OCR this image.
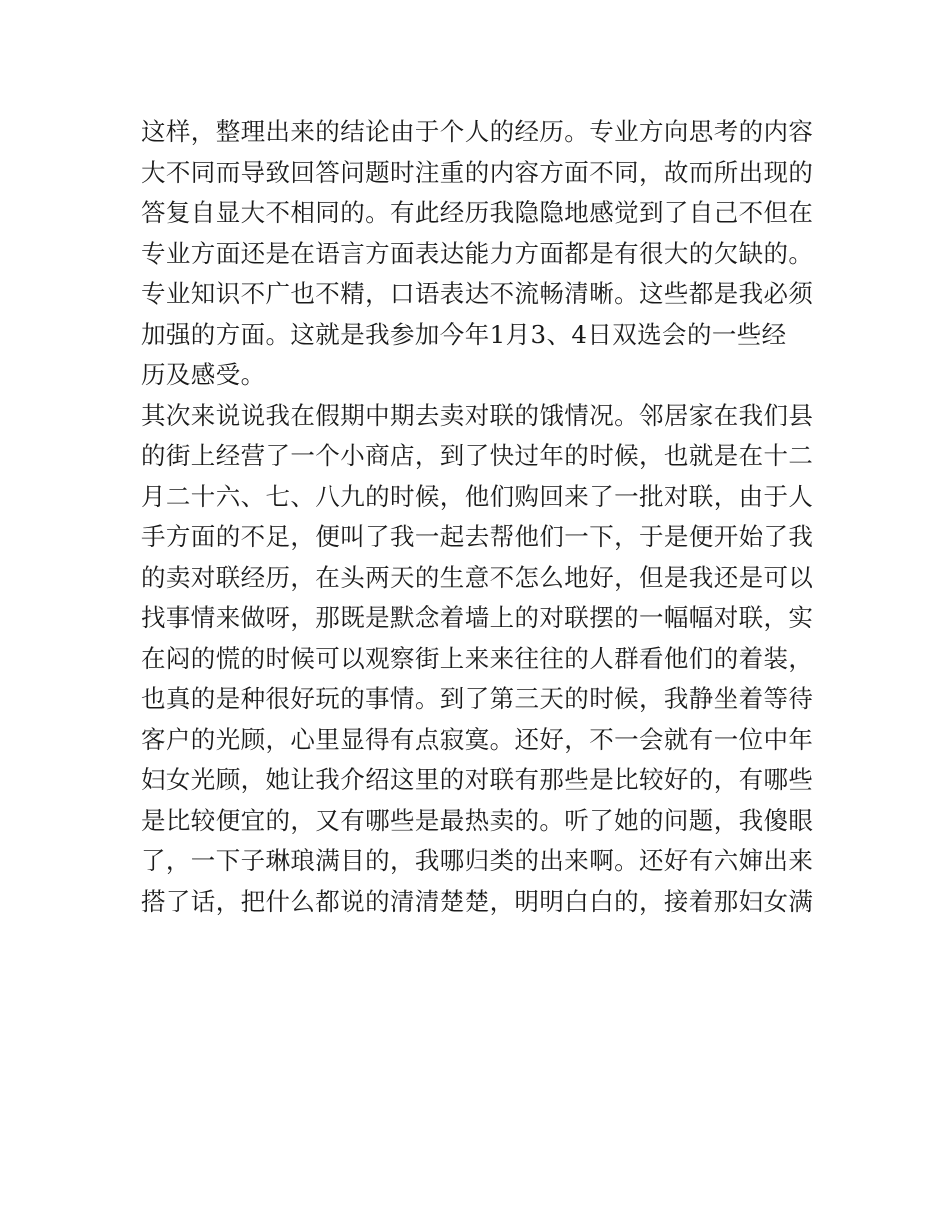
这样，整理出来的结论由于个人的经历。专业方向思考的内容
大不同而导致回答问题时注重的内容方面不同，故而所出现的
答复自显大不相同的。有此经历我隐隐地感觉到了自己不但在
专业方面还是在语言方面表达能力方面都是有很大的欠缺的。
专业知识不广也不精，口语表达不流畅清晰。这些都是我必须
加强的方面。这就是我参加今年1月3、4日双选会的一些经
历及感受。
其次来说说我在假期中期去卖对联的饿情况。邻居家在我们县
的街上经营了一个小商店，到了快过年的时候，也就是在十二
月二十六、七、八九的时候，他们购回来了一批对联，由于人
手方面的不足，便叫了我一起去帮他们一下，于是便开始了我
的卖对联经历，在头两天的生意不怎么地好，但是我还是可以
找事情来做呀，那既是默念着墙上的对联摆的一幅幅对联，实
在闷的慌的时候可以观察街上来来往往的人群看他们的着装，
也真的是种很好玩的事情。到了第三天的时候，我静坐着等待
客户的光顾，心里显得有点寂寞。还好，不一会就有一位中年
妇女光顾，她让我介绍这里的对联有那些是比较好的，有哪些
是比较便宜的，又有哪些是最热卖的。听了她的问题，我傻眼
了，一下子琳琅满目的，我哪归类的出来啊。还好有六婶出来
搭了话，把什么都说的清清楚楚，明明白白的，接着那妇女满
